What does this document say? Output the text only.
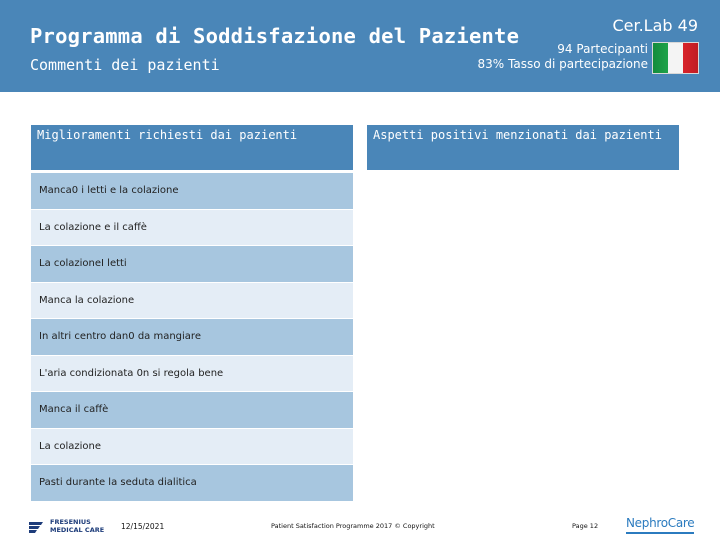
Programma di Soddisfazione del Paziente
Commenti dei pazienti
Cer.Lab 49
94 Partecipanti
83% Tasso di partecipazione
Miglioramenti richiesti dai pazienti	Aspetti positivi menzionati dai pazienti
Manca0 i letti e la colazione
La colazione e il caffè
La colazioneI letti
Manca la colazione
In altri centro dan0 da mangiare
L'aria condizionata 0n si regola bene
Manca il caffè
La colazione
Pasti durante la seduta dialitica
FRESENIUS
MEDICAL CARE 12/15/2021	Patient Satisfaction Programme 2017 © Copyright	Page 12 NephroCare
